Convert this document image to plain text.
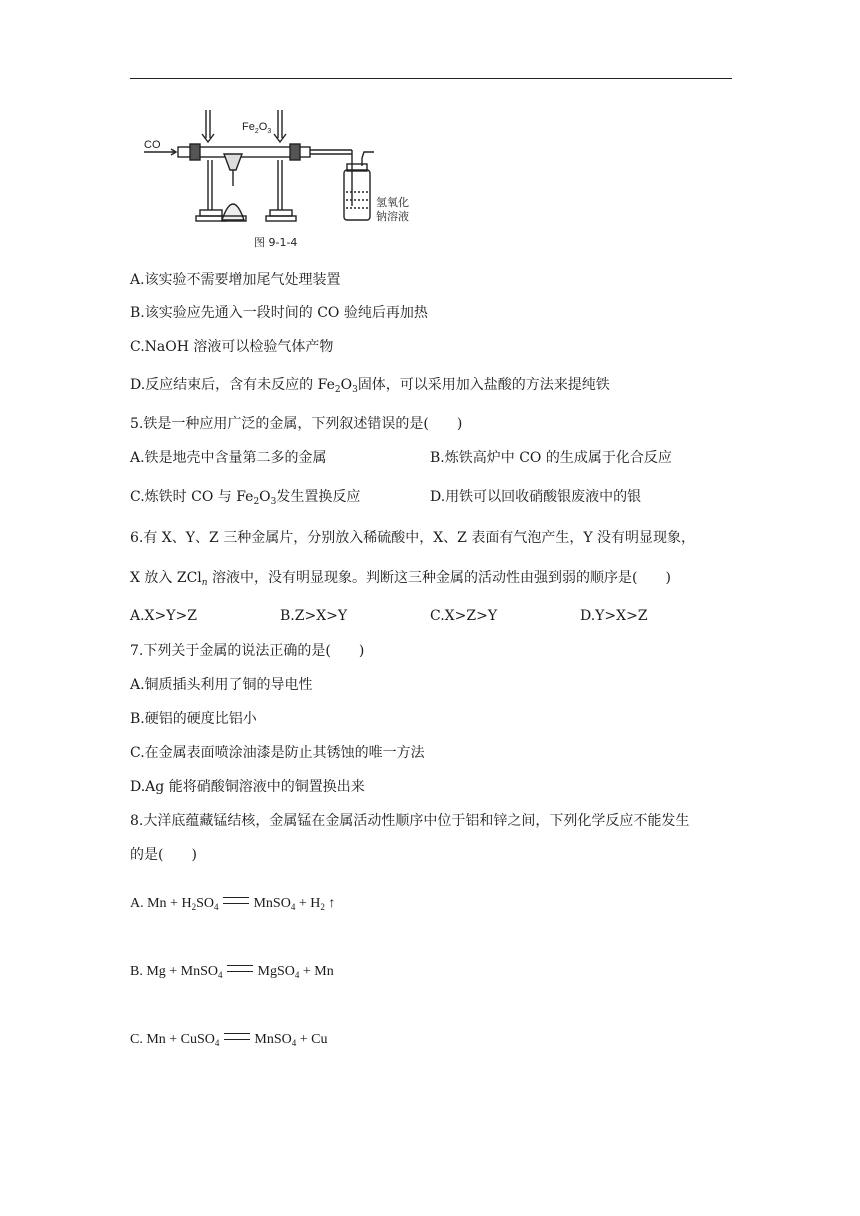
CO
$Fe_2O_3$
氢氧化
钠溶液
图 9-1-4
A.该实验不需要增加尾气处理装置
B.该实验应先通入一段时间的 CO 验纯后再加热
C.NaOH 溶液可以检验气体产物
D.反应结束后，含有未反应的 $Fe_2O_3$固体，可以采用加入盐酸的方法来提纯铁
5.铁是一种应用广泛的金属，下列叙述错误的是(　　)
A.铁是地壳中含量第二多的金属	B.炼铁高炉中 CO 的生成属于化合反应
C.炼铁时 CO 与 $Fe_2O_3$发生置换反应	D.用铁可以回收硝酸银废液中的银
6.有 X、Y、Z 三种金属片，分别放入稀硫酸中，X、Z 表面有气泡产生，Y 没有明显现象，
X 放入 ZCl$_n$ 溶液中，没有明显现象。判断这三种金属的活动性由强到弱的顺序是(　　)
A.X>Y>Z	B.Z>X>Y	C.X>Z>Y	D.Y>X>Z
7.下列关于金属的说法正确的是(　　)
A.铜质插头利用了铜的导电性
B.硬铝的硬度比铝小
C.在金属表面喷涂油漆是防止其锈蚀的唯一方法
D.Ag 能将硝酸铜溶液中的铜置换出来
8.大洋底蕴藏锰结核，金属锰在金属活动性顺序中位于铝和锌之间，下列化学反应不能发生
的是(　　)
A. $Mn + H_2SO_4$	MnSO$_4$ + $H_2$ ↑
B. Mg + MnSO$_4$	MgSO$_4$ + Mn
C. Mn + CuSO$_4$	MnSO$_4$ + Cu
